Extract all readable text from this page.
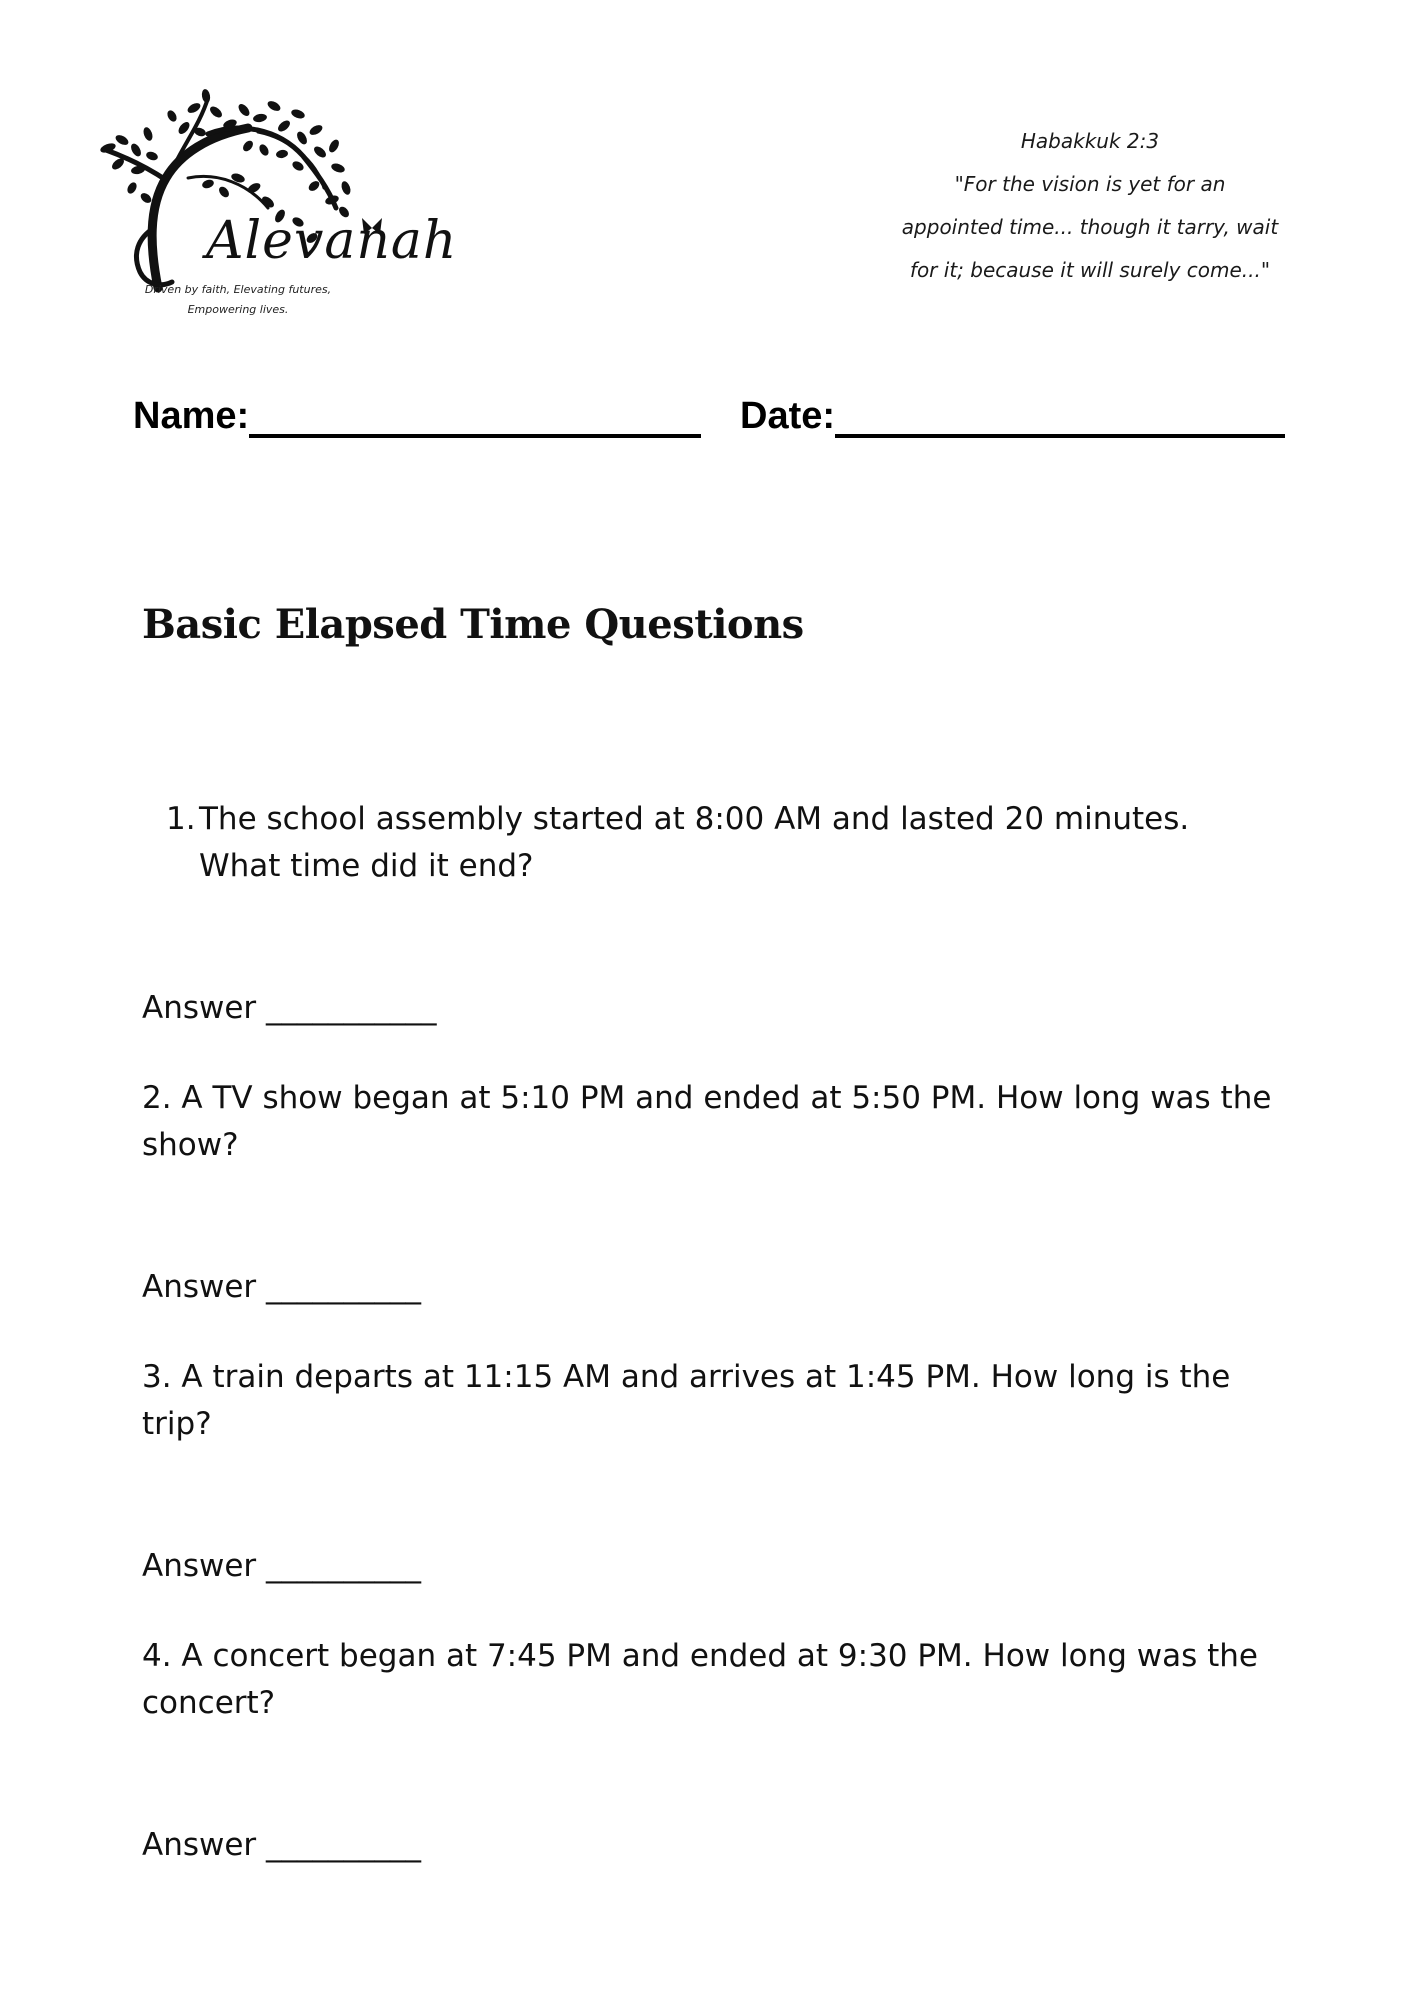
Alevanah
Driven by faith, Elevating futures,
Empowering lives.
Habakkuk 2:3
"For the vision is yet for an
appointed time... though it tarry, wait
for it; because it will surely come..."
Name:	Date:
Basic Elapsed Time Questions
1. The school assembly started at 8:00 AM and lasted 20 minutes. What time did it end?
Answer ___________
2. A TV show began at 5:10 PM and ended at 5:50 PM. How long was the show?
Answer __________
3. A train departs at 11:15 AM and arrives at 1:45 PM. How long is the trip?
Answer __________
4. A concert began at 7:45 PM and ended at 9:30 PM. How long was the concert?
Answer __________
